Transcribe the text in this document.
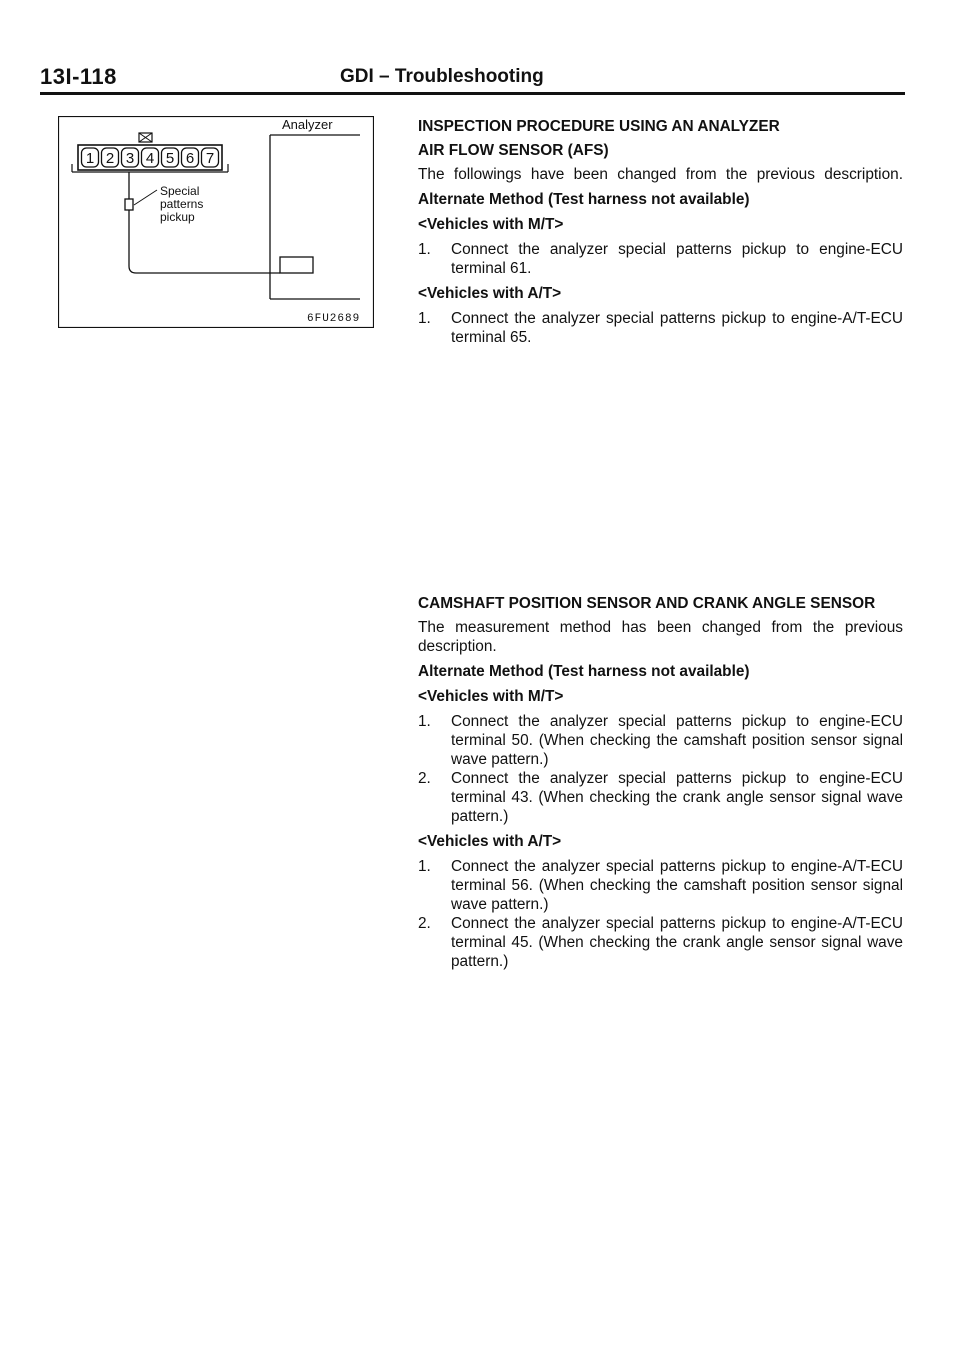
13I-118	GDI – Troubleshooting
1 2 3 4 5 6 7
Analyzer
Special
patterns
pickup
6FU2689

INSPECTION PROCEDURE USING AN ANALYZER

AIR FLOW SENSOR (AFS)

The followings have been changed from the previous description.

Alternate Method (Test harness not available)

<Vehicles with M/T>

1. Connect the analyzer special patterns pickup to engine-ECU terminal 61.

<Vehicles with A/T>

1. Connect the analyzer special patterns pickup to engine-A/T-ECU terminal 65.

CAMSHAFT POSITION SENSOR AND CRANK ANGLE SENSOR

The measurement method has been changed from the previous description.

Alternate Method (Test harness not available)

<Vehicles with M/T>

1. Connect the analyzer special patterns pickup to engine-ECU terminal 50. (When checking the camshaft position sensor signal wave pattern.)
2. Connect the analyzer special patterns pickup to engine-ECU terminal 43. (When checking the crank angle sensor signal wave pattern.)

<Vehicles with A/T>

1. Connect the analyzer special patterns pickup to engine-A/T-ECU terminal 56. (When checking the camshaft position sensor signal wave pattern.)
2. Connect the analyzer special patterns pickup to engine-A/T-ECU terminal 45. (When checking the crank angle sensor signal wave pattern.)
